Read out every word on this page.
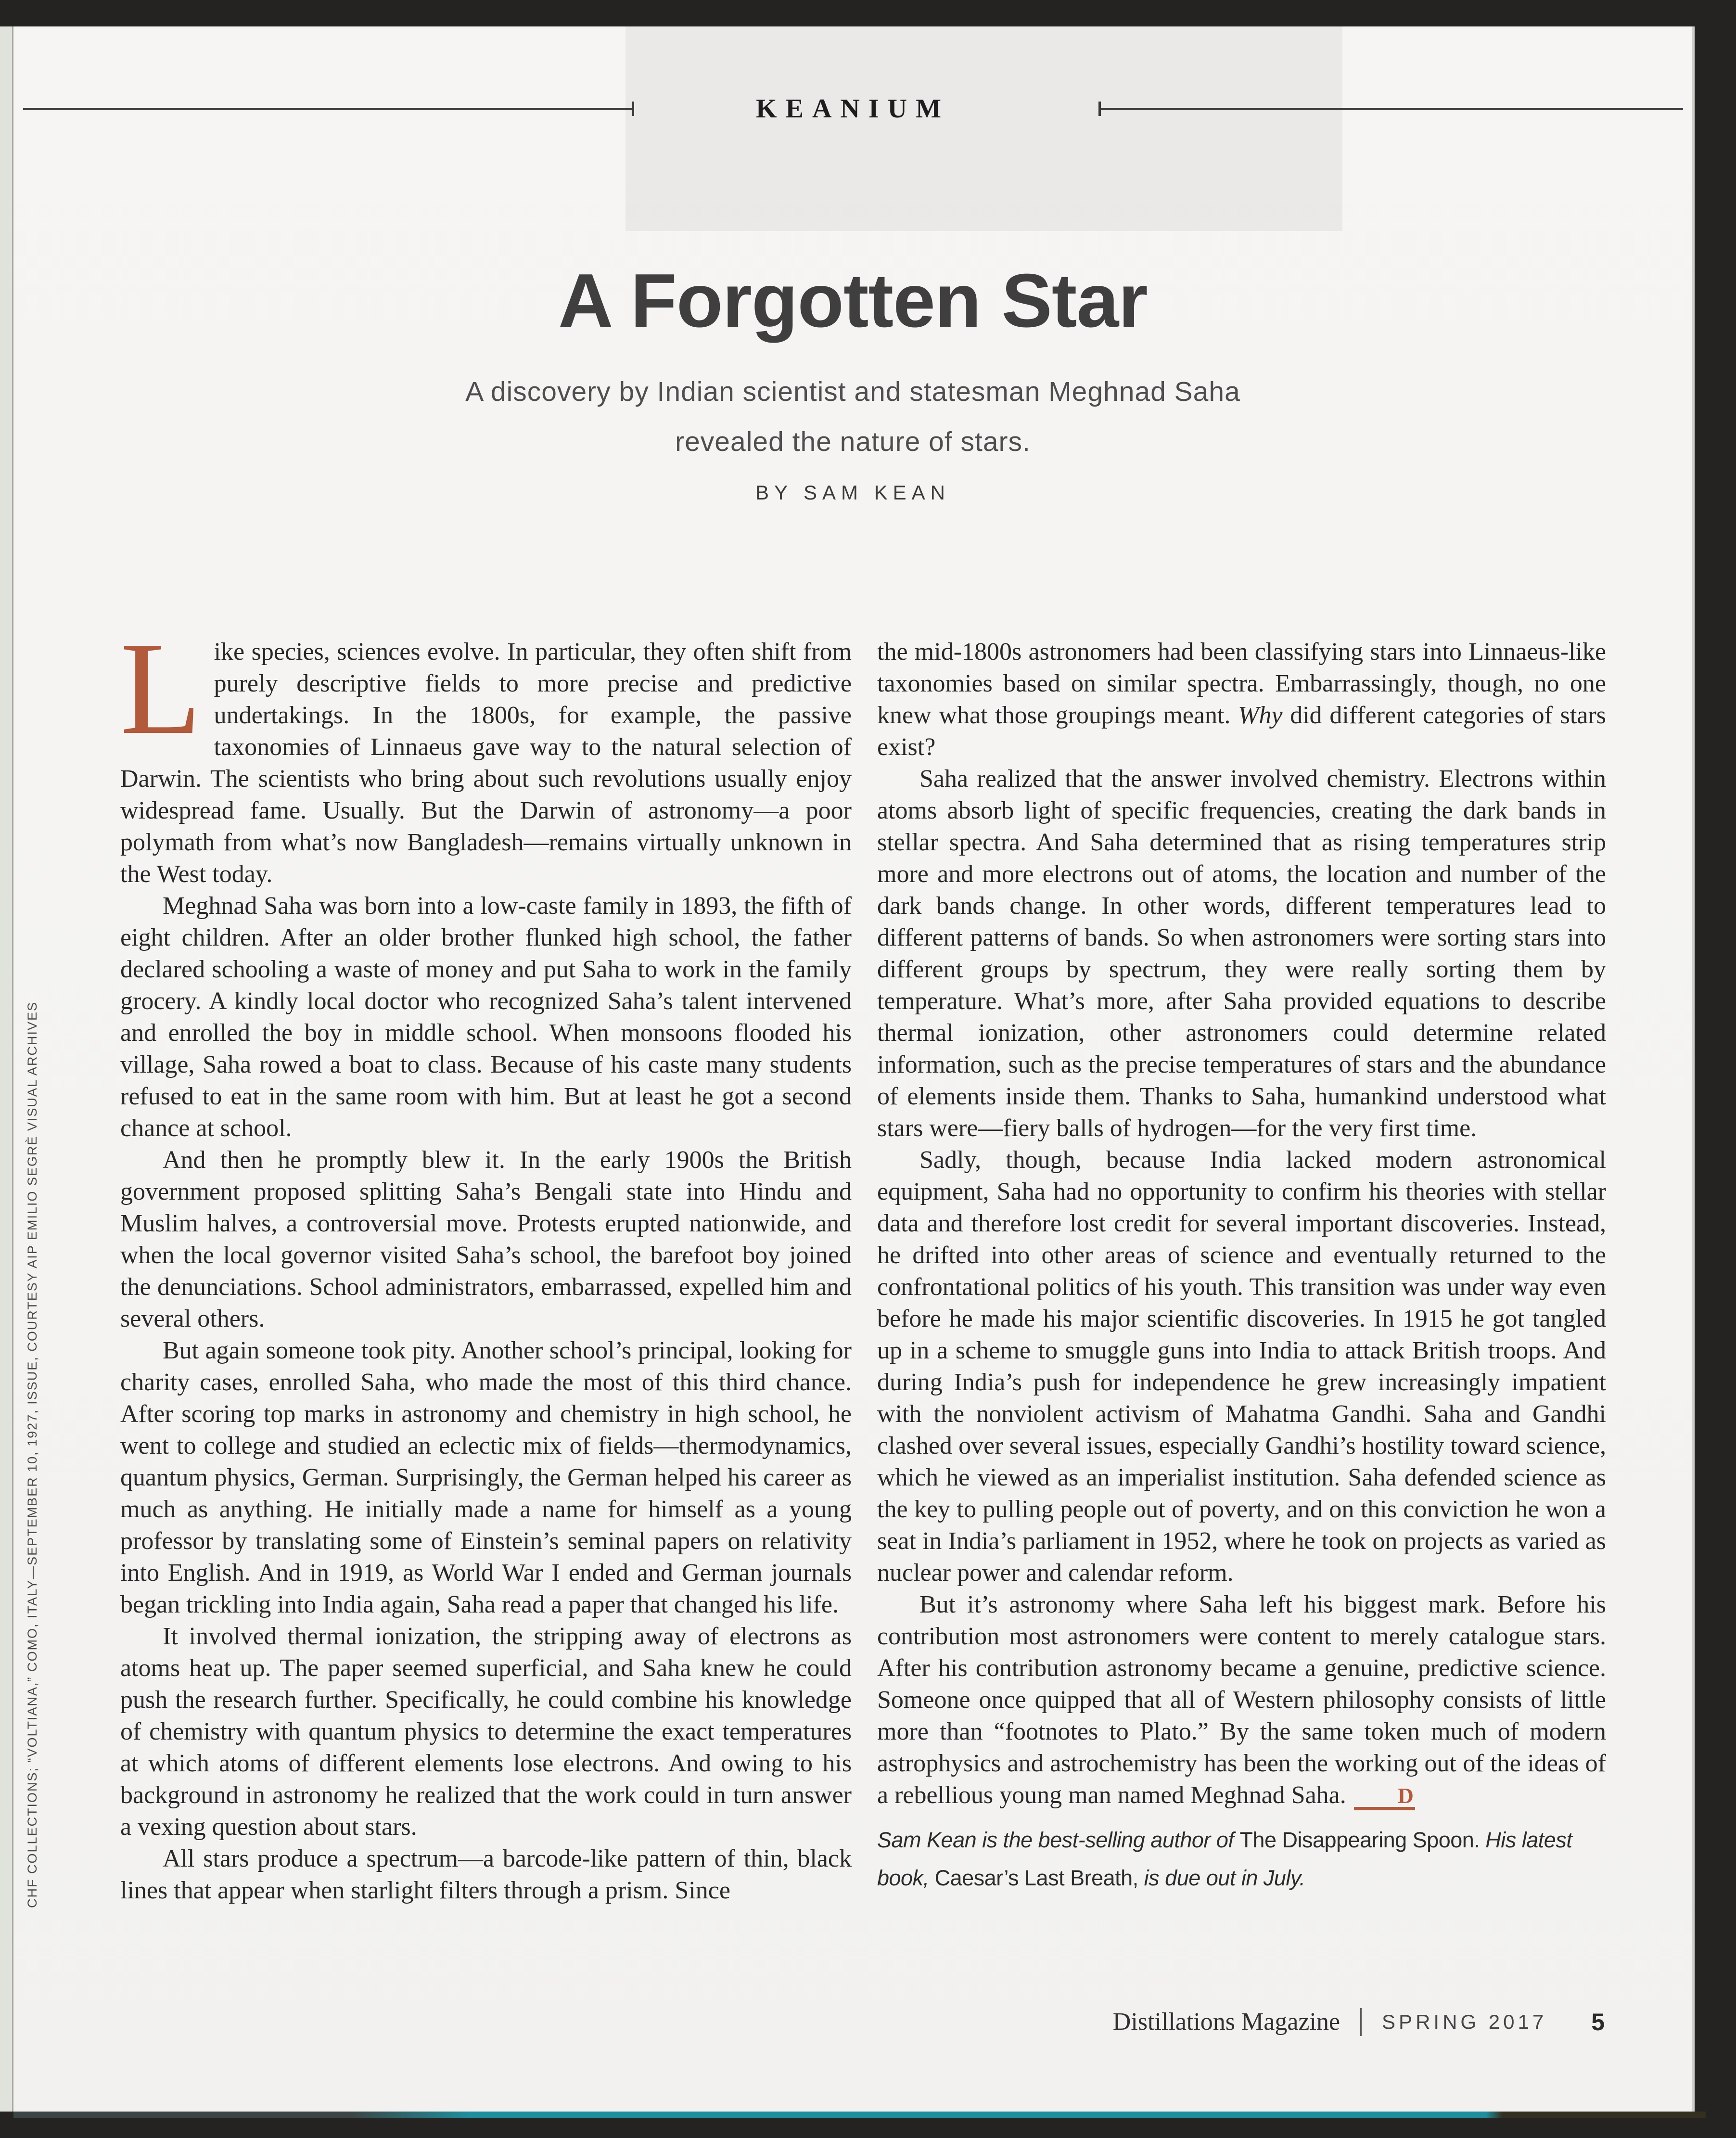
KEANIUM
A Forgotten Star
A discovery by Indian scientist and statesman Meghnad Saha
revealed the nature of stars.
BY SAM KEAN

Like species, sciences evolve. In particular, they often shift from purely descriptive fields to more precise and predictive undertakings. In the 1800s, for example, the passive taxonomies of Linnaeus gave way to the natural selection of Darwin. The scientists who bring about such revolutions usually enjoy widespread fame. Usually. But the Darwin of astronomy—a poor polymath from what’s now Bangladesh—remains virtually unknown in the West today.

Meghnad Saha was born into a low-caste family in 1893, the fifth of eight children. After an older brother flunked high school, the father declared schooling a waste of money and put Saha to work in the family grocery. A kindly local doctor who recognized Saha’s talent intervened and enrolled the boy in middle school. When monsoons flooded his village, Saha rowed a boat to class. Because of his caste many students refused to eat in the same room with him. But at least he got a second chance at school.

And then he promptly blew it. In the early 1900s the British government proposed splitting Saha’s Bengali state into Hindu and Muslim halves, a controversial move. Protests erupted nationwide, and when the local governor visited Saha’s school, the barefoot boy joined the denunciations. School administrators, embarrassed, expelled him and several others.

But again someone took pity. Another school’s principal, looking for charity cases, enrolled Saha, who made the most of this third chance. After scoring top marks in astronomy and chemistry in high school, he went to college and studied an eclectic mix of fields—thermodynamics, quantum physics, German. Surprisingly, the German helped his career as much as anything. He initially made a name for himself as a young professor by translating some of Einstein’s seminal papers on relativity into English. And in 1919, as World War I ended and German journals began trickling into India again, Saha read a paper that changed his life.

It involved thermal ionization, the stripping away of electrons as atoms heat up. The paper seemed superficial, and Saha knew he could push the research further. Specifically, he could combine his knowledge of chemistry with quantum physics to determine the exact temperatures at which atoms of different elements lose electrons. And owing to his background in astronomy he realized that the work could in turn answer a vexing question about stars.

All stars produce a spectrum—a barcode-like pattern of thin, black lines that appear when starlight filters through a prism. Since

the mid-1800s astronomers had been classifying stars into Linnaeus-like taxonomies based on similar spectra. Embarrassingly, though, no one knew what those groupings meant. Why did different categories of stars exist?

Saha realized that the answer involved chemistry. Electrons within atoms absorb light of specific frequencies, creating the dark bands in stellar spectra. And Saha determined that as rising temperatures strip more and more electrons out of atoms, the location and number of the dark bands change. In other words, different temperatures lead to different patterns of bands. So when astronomers were sorting stars into different groups by spectrum, they were really sorting them by temperature. What’s more, after Saha provided equations to describe thermal ionization, other astronomers could determine related information, such as the precise temperatures of stars and the abundance of elements inside them. Thanks to Saha, humankind understood what stars were—fiery balls of hydrogen—for the very first time.

Sadly, though, because India lacked modern astronomical equipment, Saha had no opportunity to confirm his theories with stellar data and therefore lost credit for several important discoveries. Instead, he drifted into other areas of science and eventually returned to the confrontational politics of his youth. This transition was under way even before he made his major scientific discoveries. In 1915 he got tangled up in a scheme to smuggle guns into India to attack British troops. And during India’s push for independence he grew increasingly impatient with the nonviolent activism of Mahatma Gandhi. Saha and Gandhi clashed over several issues, especially Gandhi’s hostility toward science, which he viewed as an imperialist institution. Saha defended science as the key to pulling people out of poverty, and on this conviction he won a seat in India’s parliament in 1952, where he took on projects as varied as nuclear power and calendar reform.

But it’s astronomy where Saha left his biggest mark. Before his contribution most astronomers were content to merely catalogue stars. After his contribution astronomy became a genuine, predictive science. Someone once quipped that all of Western philosophy consists of little more than “footnotes to Plato.” By the same token much of modern astrophysics and astrochemistry has been the working out of the ideas of a rebellious young man named Meghnad Saha. D

Sam Kean is the best-selling author of The Disappearing Spoon. His latest book, Caesar’s Last Breath, is due out in July.
CHF COLLECTIONS; “VOLTIANA,” COMO, ITALY—SEPTEMBER 10, 1927, ISSUE, COURTESY AIP EMILIO SEGRÈ VISUAL ARCHIVES
Distillations Magazine SPRING 2017 5
